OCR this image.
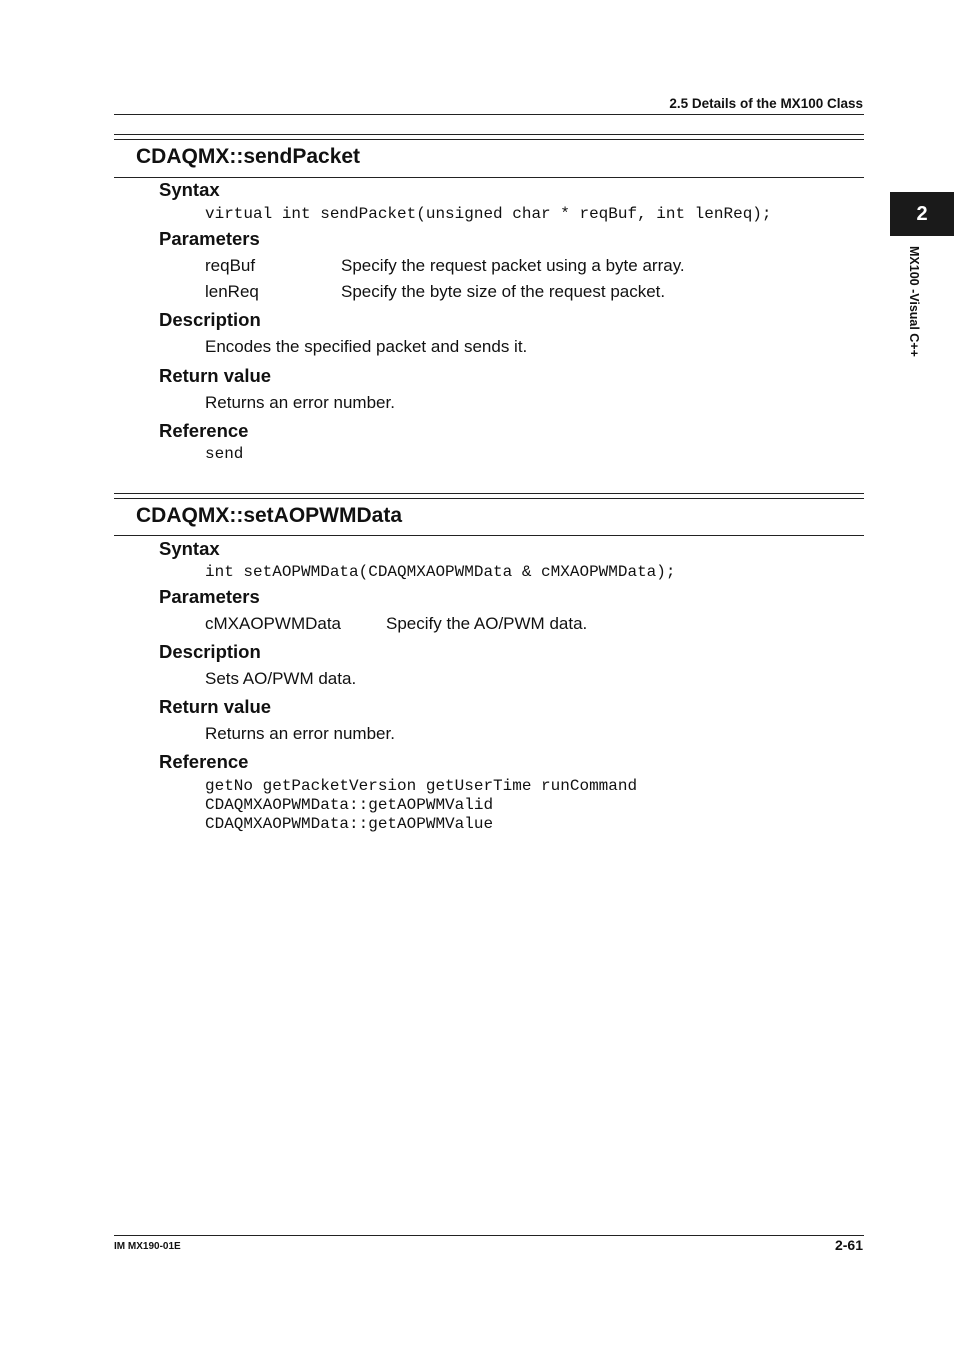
2.5 Details of the MX100 Class
2
MX100 -Visual C++
CDAQMX::sendPacket
Syntax
virtual int sendPacket(unsigned char * reqBuf, int lenReq);
Parameters
reqBuf	Specify the request packet using a byte array.
lenReq	Specify the byte size of the request packet.
Description
Encodes the specified packet and sends it.
Return value
Returns an error number.
Reference
send
CDAQMX::setAOPWMData
Syntax
int setAOPWMData(CDAQMXAOPWMData & cMXAOPWMData);
Parameters
cMXAOPWMData	Specify the AO/PWM data.
Description
Sets AO/PWM data.
Return value
Returns an error number.
Reference
getNo getPacketVersion getUserTime runCommand
CDAQMXAOPWMData::getAOPWMValid
CDAQMXAOPWMData::getAOPWMValue
IM MX190-01E	2-61
